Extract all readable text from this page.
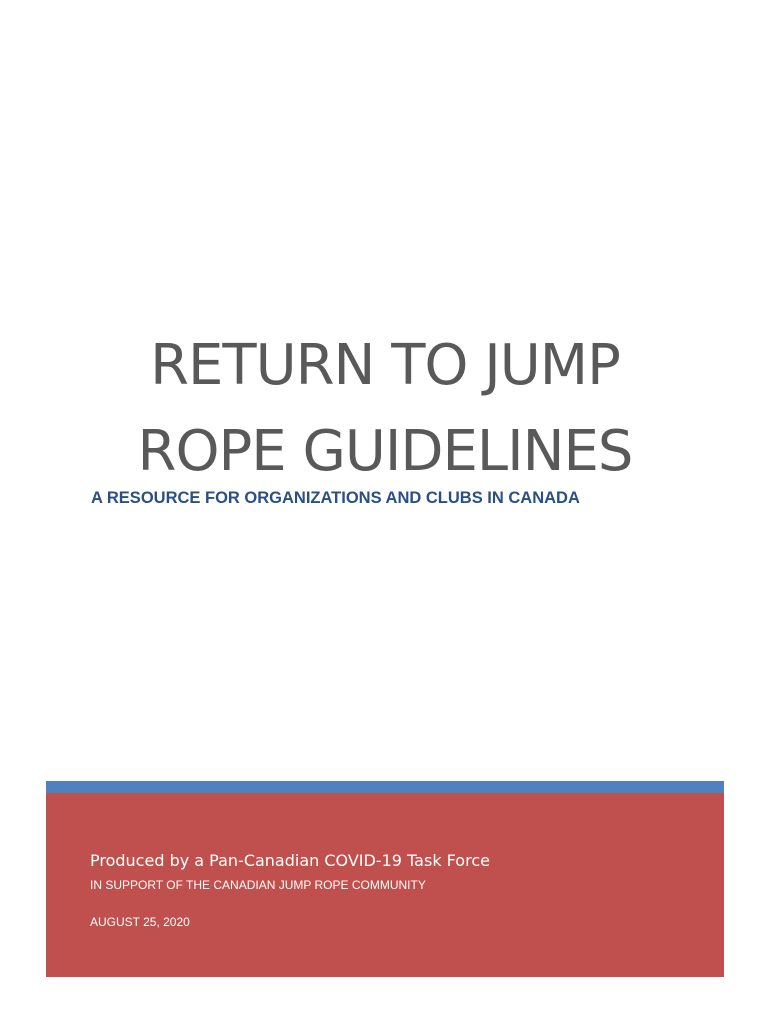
RETURN TO JUMP
ROPE GUIDELINES
A RESOURCE FOR ORGANIZATIONS AND CLUBS IN CANADA
Produced by a Pan-Canadian COVID-19 Task Force
IN SUPPORT OF THE CANADIAN JUMP ROPE COMMUNITY
AUGUST 25, 2020
